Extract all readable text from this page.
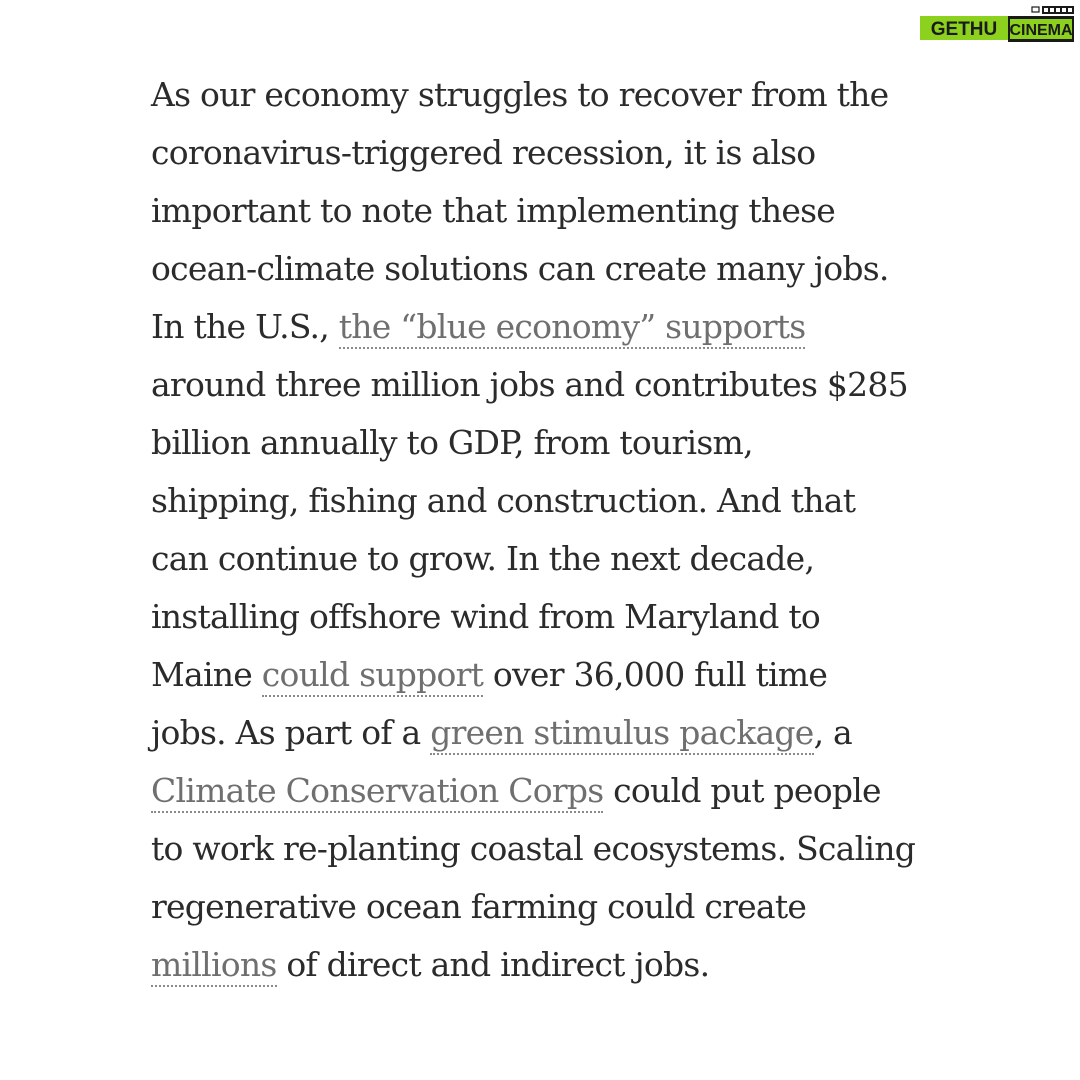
GETHU CINEMA
As our economy struggles to recover from the
coronavirus-triggered recession, it is also
important to note that implementing these
ocean-climate solutions can create many jobs.
In the U.S., the “blue economy” supports
around three million jobs and contributes $285
billion annually to GDP, from tourism,
shipping, fishing and construction. And that
can continue to grow. In the next decade,
installing offshore wind from Maryland to
Maine could support over 36,000 full time
jobs. As part of a green stimulus package, a
Climate Conservation Corps could put people
to work re-planting coastal ecosystems. Scaling
regenerative ocean farming could create
millions of direct and indirect jobs.
